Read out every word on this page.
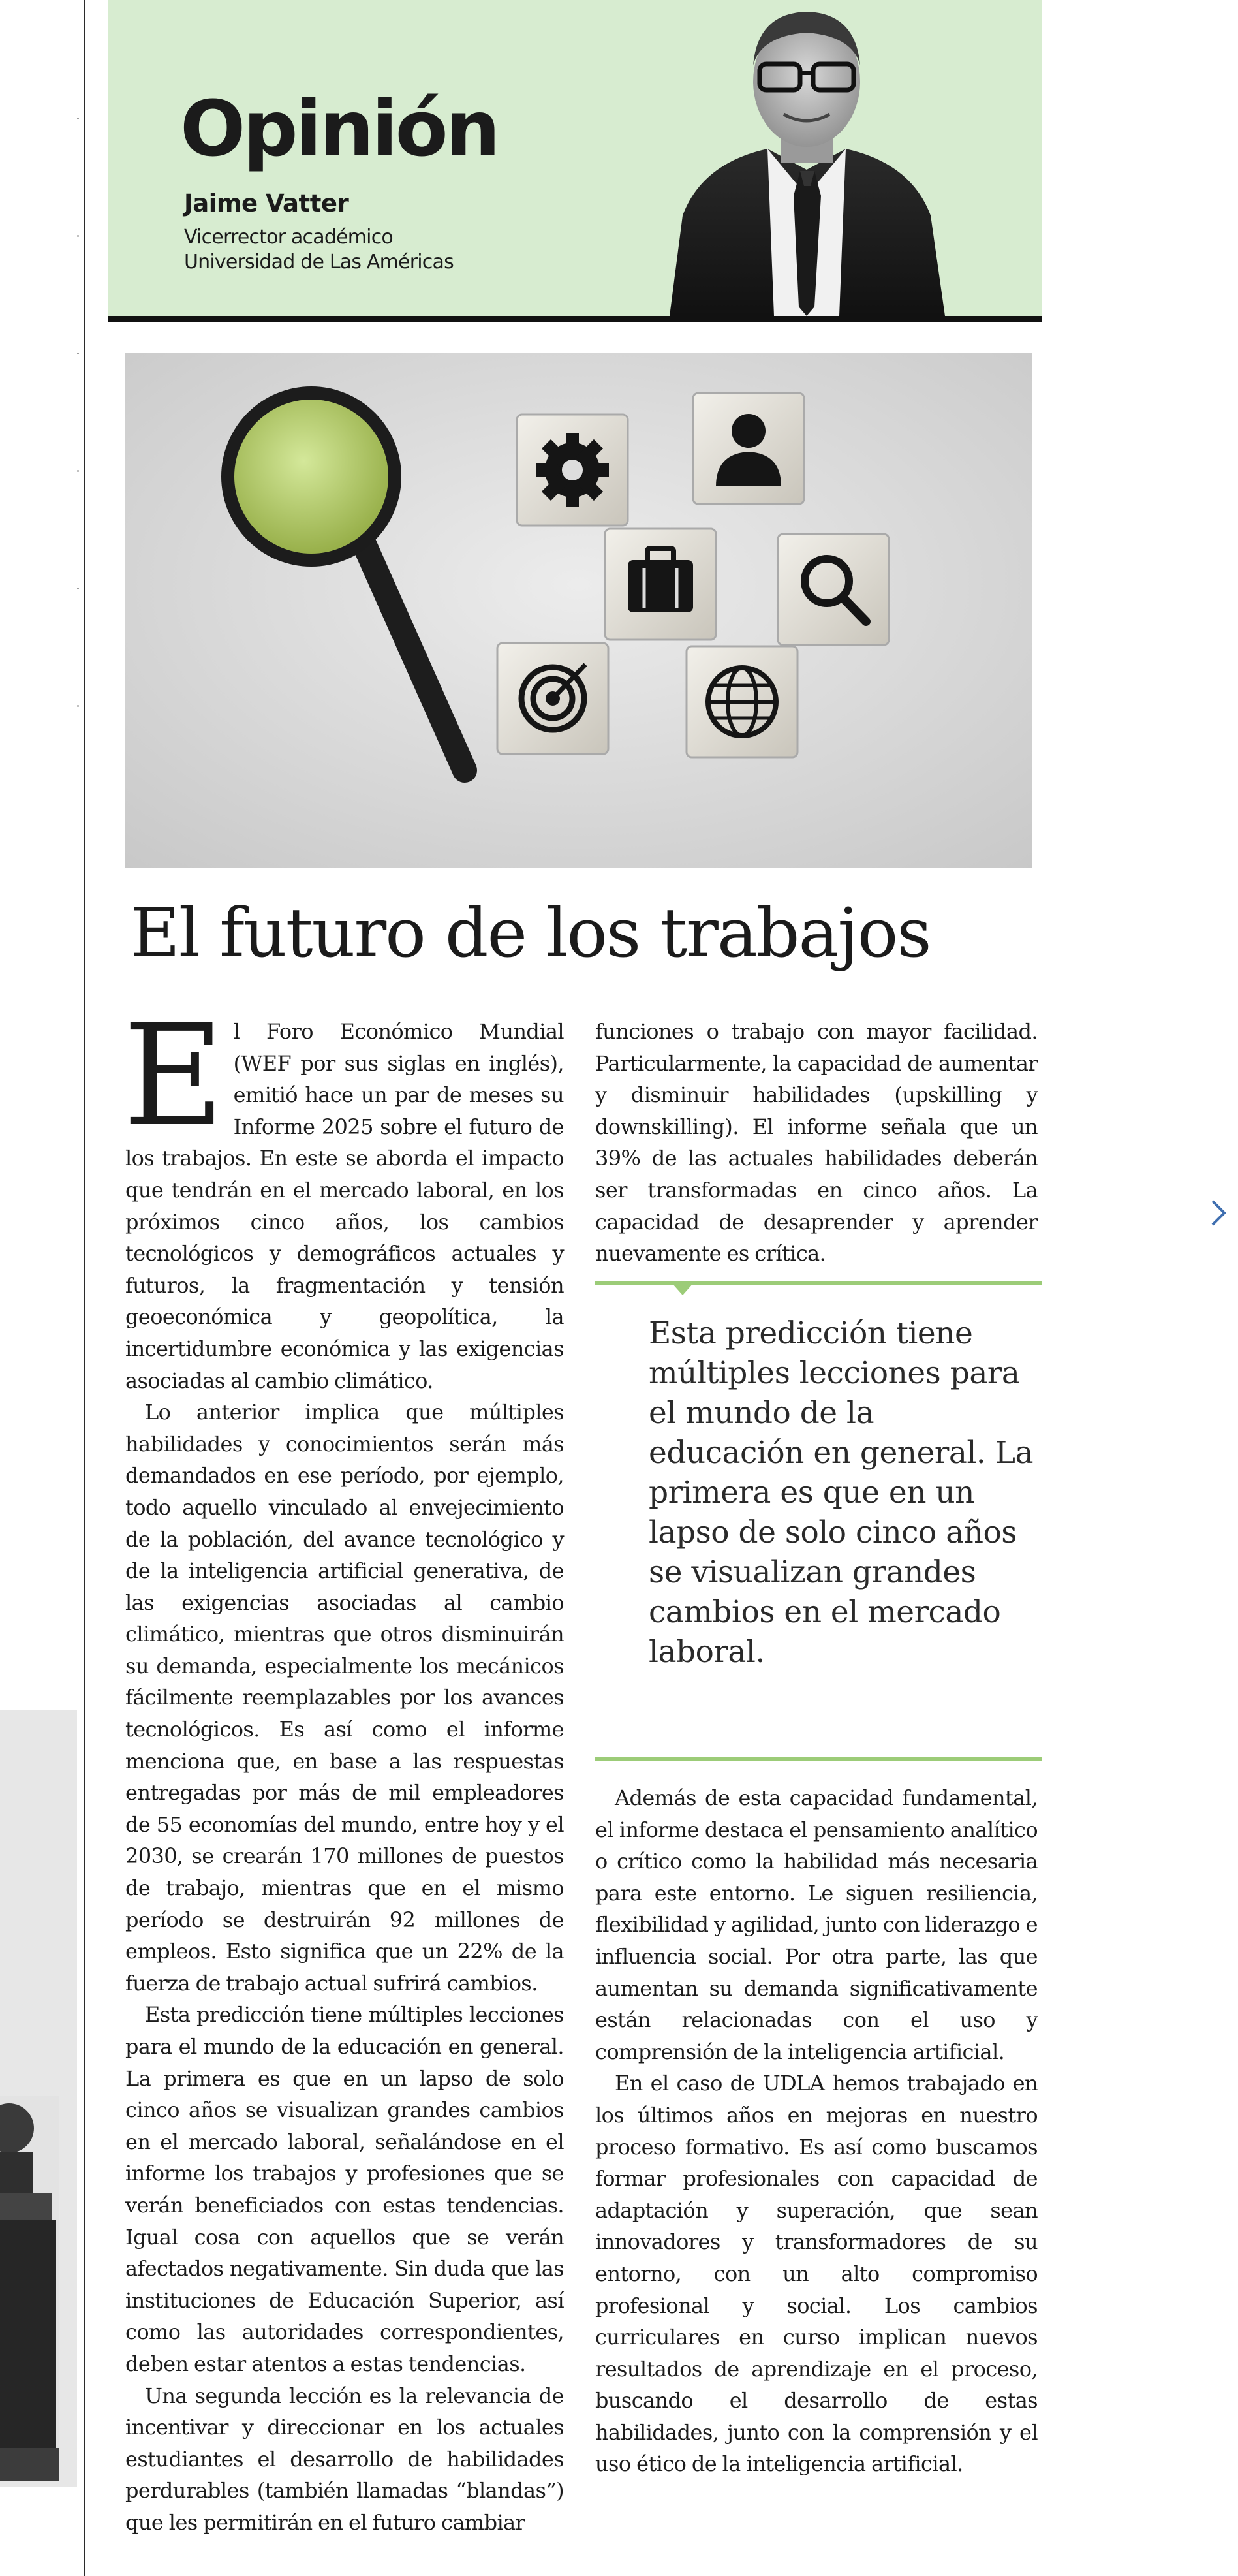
Opinión
Jaime Vatter
Vicerrector académico
Universidad de Las Américas
El futuro de los trabajos

El Foro Económico Mundial (WEF por sus siglas en inglés), emitió hace un par de meses su Informe 2025 sobre el futuro de los trabajos. En este se aborda el impacto que tendrán en el mercado laboral, en los próximos cinco años, los cambios tecnológicos y demográficos actuales y futuros, la fragmentación y tensión geoeconómica y geopolítica, la incertidumbre económica y las exigencias asociadas al cambio climático.

Lo anterior implica que múltiples habilidades y conocimientos serán más demandados en ese período, por ejemplo, todo aquello vinculado al envejecimiento de la población, del avance tecnológico y de la inteligencia artificial generativa, de las exigencias asociadas al cambio climático, mientras que otros disminuirán su demanda, especialmente los mecánicos fácilmente reemplazables por los avances tecnológicos. Es así como el informe menciona que, en base a las respuestas entregadas por más de mil empleadores de 55 economías del mundo, entre hoy y el 2030, se crearán 170 millones de puestos de trabajo, mientras que en el mismo período se destruirán 92 millones de empleos. Esto significa que un 22% de la fuerza de trabajo actual sufrirá cambios.

Esta predicción tiene múltiples lecciones para el mundo de la educación en general. La primera es que en un lapso de solo cinco años se visualizan grandes cambios en el mercado laboral, señalándose en el informe los trabajos y profesiones que se verán beneficiados con estas tendencias. Igual cosa con aquellos que se verán afectados negativamente. Sin duda que las instituciones de Educación Superior, así como las autoridades correspondientes, deben estar atentos a estas tendencias.

Una segunda lección es la relevancia de incentivar y direccionar en los actuales estudiantes el desarrollo de habilidades perdurables (también llamadas “blandas”) que les permitirán en el futuro cambiar

funciones o trabajo con mayor facilidad. Particularmente, la capacidad de aumentar y disminuir habilidades (upskilling y downskilling). El informe señala que un 39% de las actuales habilidades deberán ser transformadas en cinco años. La capacidad de desaprender y aprender nuevamente es crítica.

Esta predicción tiene múltiples lecciones para el mundo de la educación en general. La primera es que en un lapso de solo cinco años se visualizan grandes cambios en el mercado laboral.

Además de esta capacidad fundamental, el informe destaca el pensamiento analítico o crítico como la habilidad más necesaria para este entorno. Le siguen resiliencia, flexibilidad y agilidad, junto con liderazgo e influencia social. Por otra parte, las que aumentan su demanda significativamente están relacionadas con el uso y comprensión de la inteligencia artificial.

En el caso de UDLA hemos trabajado en los últimos años en mejoras en nuestro proceso formativo. Es así como buscamos formar profesionales con capacidad de adaptación y superación, que sean innovadores y transformadores de su entorno, con un alto compromiso profesional y social. Los cambios curriculares en curso implican nuevos resultados de aprendizaje en el proceso, buscando el desarrollo de estas habilidades, junto con la comprensión y el uso ético de la inteligencia artificial.
